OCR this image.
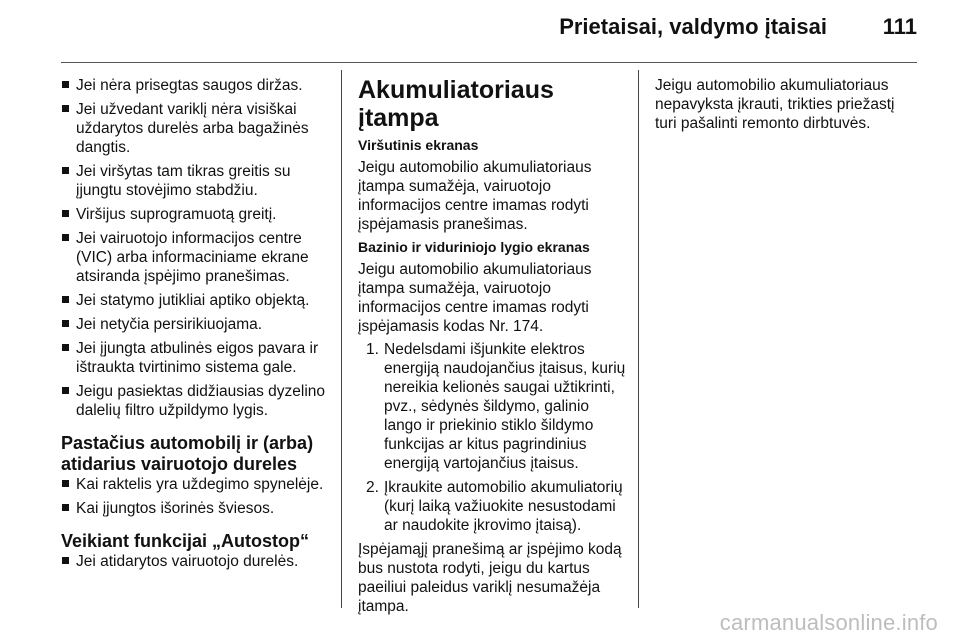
Prietaisai, valdymo įtaisai	111
Jei nėra prisegtas saugos diržas.
Jei užvedant variklį nėra visiškai uždarytos durelės arba bagažinės dangtis.
Jei viršytas tam tikras greitis su įjungtu stovėjimo stabdžiu.
Viršijus suprogramuotą greitį.
Jei vairuotojo informacijos centre (VIC) arba informaciniame ekrane atsiranda įspėjimo pranešimas.
Jei statymo jutikliai aptiko objektą.
Jei netyčia persirikiuojama.
Jei įjungta atbulinės eigos pavara ir ištraukta tvirtinimo sistema gale.
Jeigu pasiektas didžiausias dyzelino dalelių filtro užpildymo lygis.
Pastačius automobilį ir (arba) atidarius vairuotojo dureles
Kai raktelis yra uždegimo spynelėje.
Kai įjungtos išorinės šviesos.
Veikiant funkcijai „Autostop“
Jei atidarytos vairuotojo durelės.
Akumuliatoriaus įtampa
Viršutinis ekranas

Jeigu automobilio akumuliatoriaus įtampa sumažėja, vairuotojo informacijos centre imamas rodyti įspėjamasis pranešimas.

Bazinio ir viduriniojo lygio ekranas

Jeigu automobilio akumuliatoriaus įtampa sumažėja, vairuotojo informacijos centre imamas rodyti įspėjamasis kodas Nr. 174.

1. Nedelsdami išjunkite elektros energiją naudojančius įtaisus, kurių nereikia kelionės saugai užtikrinti, pvz., sėdynės šildymo, galinio lango ir priekinio stiklo šildymo funkcijas ar kitus pagrindinius energiją vartojančius įtaisus.
2. Įkraukite automobilio akumuliatorių (kurį laiką važiuokite nesustodami ar naudokite įkrovimo įtaisą).

Įspėjamąjį pranešimą ar įspėjimo kodą bus nustota rodyti, jeigu du kartus paeiliui paleidus variklį nesumažėja įtampa.

Jeigu automobilio akumuliatoriaus nepavyksta įkrauti, trikties priežastį turi pašalinti remonto dirbtuvės.

carmanualsonline.info
